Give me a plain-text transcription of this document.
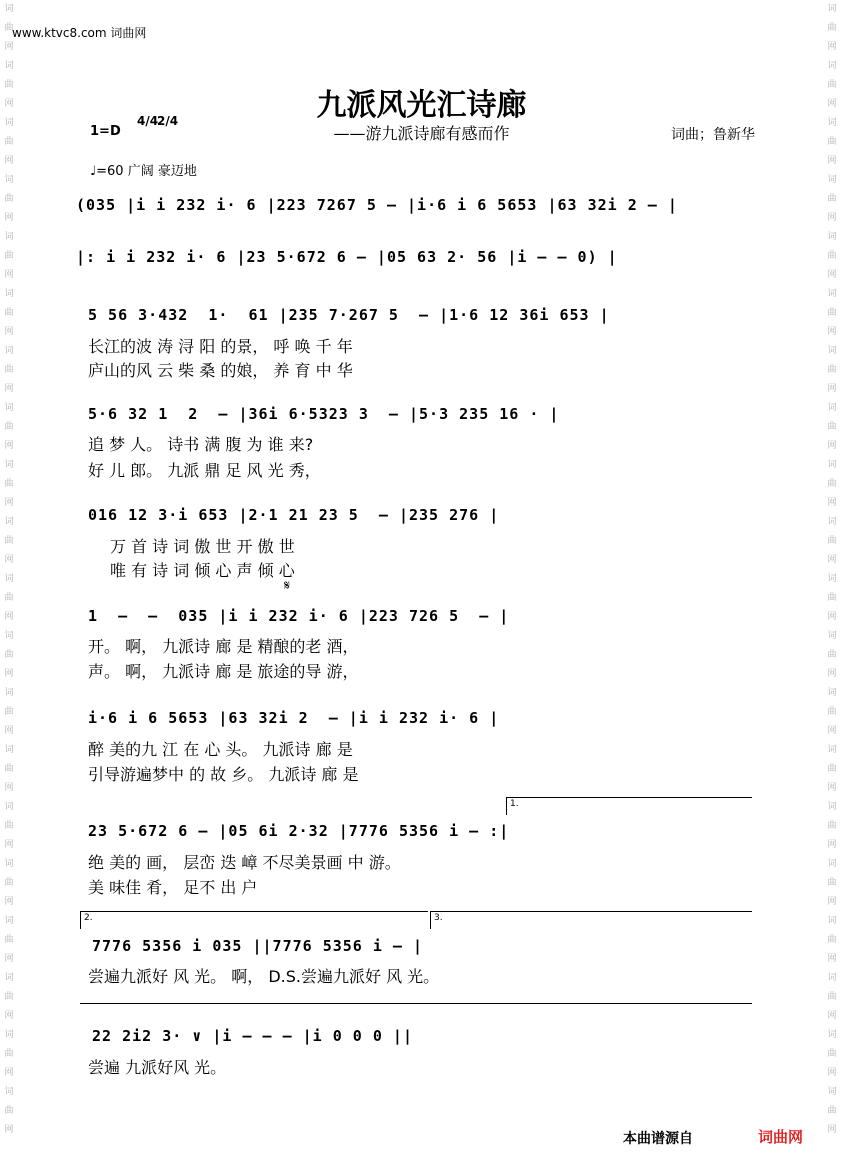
词曲网 词曲网 词曲网 词曲网 词曲网 词曲网 词曲网 词曲网 词曲网 词曲网 词曲网 词曲网 词曲网 词曲网 词曲网 词曲网 词曲网 词曲网 词曲网 词曲网
词曲网 词曲网 词曲网 词曲网 词曲网 词曲网 词曲网 词曲网 词曲网 词曲网 词曲网 词曲网 词曲网 词曲网 词曲网 词曲网 词曲网 词曲网 词曲网 词曲网
www.ktvc8.com 词曲网
九派风光汇诗廊
——游九派诗廊有感而作	词曲；鲁新华
1=D
4/4
2/4
♩=60 广阔 豪迈地
(035 |i i 232 i· 6 |223 7267 5 – |i·6 i 6 5653 |63 32i 2 – |
|: i i 232 i· 6 |23 5·672 6 – |05 63 2· 56 |i – – 0) |
5 56 3·432  1·  61 |235 7·267 5  – |1·6 12 36i 653 |
长江的波 涛 浔 阳 的景， 呼 唤 千 年
庐山的风 云 柴 桑 的娘， 养 育 中 华
5·6 32 1  2  – |36i 6·5323 3  – |5·3 235 16 · |
追 梦 人。 诗书 满 腹 为 谁 来?
好 儿 郎。 九派 鼎 足 风 光 秀，
016 12 3·i 653 |2·1 21 23 5  – |235 276 |
万 首 诗 词 傲 世 开 傲 世
唯 有 诗 词 倾 心 声 倾 心
𝄋
1  –  –  035 |i i 232 i· 6 |223 726 5  – |
开。 啊， 九派诗 廊 是 精酿的老 酒，
声。 啊， 九派诗 廊 是 旅途的导 游，
i·6 i 6 5653 |63 32i 2  – |i i 232 i· 6 |
醉 美的九 江 在 心 头。 九派诗 廊 是
引导游遍梦中 的 故 乡。 九派诗 廊 是
1.
23 5·672 6 – |05 6i 2·32 |7776 5356 i – :|
绝 美的 画， 层峦 迭 嶂 不尽美景画 中 游。
美 味佳 肴， 足不 出 户
2.	3.
7776 5356 i 035 ||7776 5356 i – |
尝遍九派好 风 光。 啊， D.S.尝遍九派好 风 光。
22 2i2 3· ∨ |i – – – |i 0 0 0 ||
尝遍 九派好风 光。
本曲谱源自	词曲网
